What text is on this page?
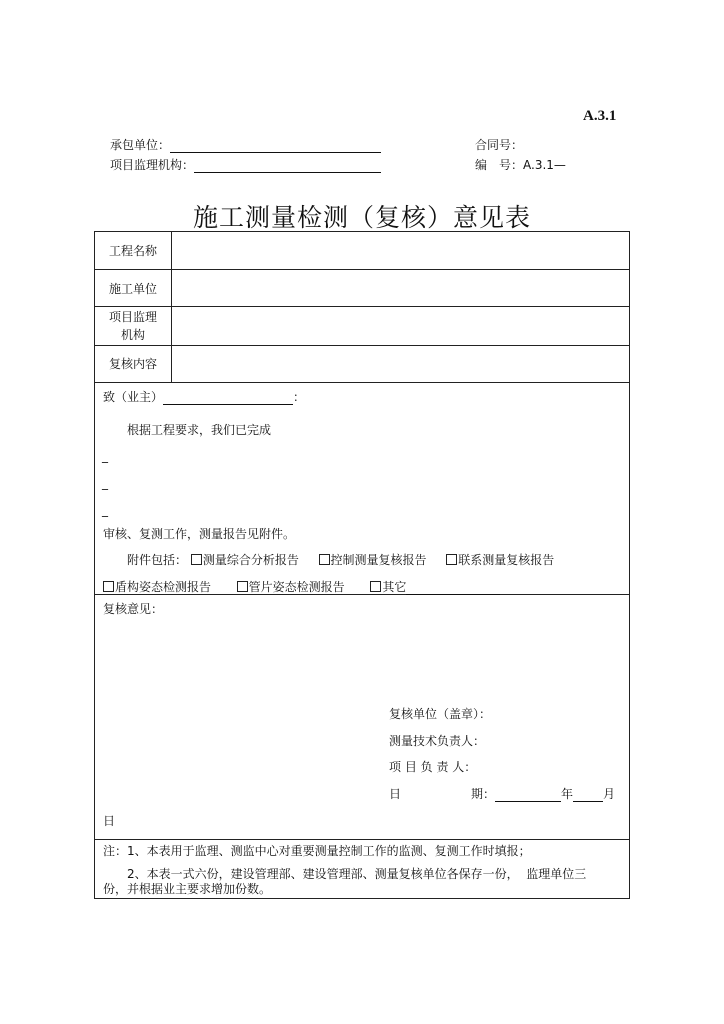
A.3.1
承包单位：
项目监理机构：
合同号：
编　号：A.3.1—
施工测量检测（复核）意见表
工程名称
施工单位
项目监理
机构
复核内容
致（业主）	：
根据工程要求，我们已完成
_
_
_
审核、复测工作，测量报告见附件。
附件包括： 测量综合分析报告	控制测量复核报告	联系测量复核报告
盾构姿态检测报告	管片姿态检测报告	其它
复核意见：
复核单位（盖章）：
测量技术负责人：
项 目 负 责 人：
日	期：	年	月
日
注：1、本表用于监理、测监中心对重要测量控制工作的监测、复测工作时填报；
　　2、本表一式六份，建设管理部、建设管理部、测量复核单位各保存一份，  监理单位三
份，并根据业主要求增加份数。
